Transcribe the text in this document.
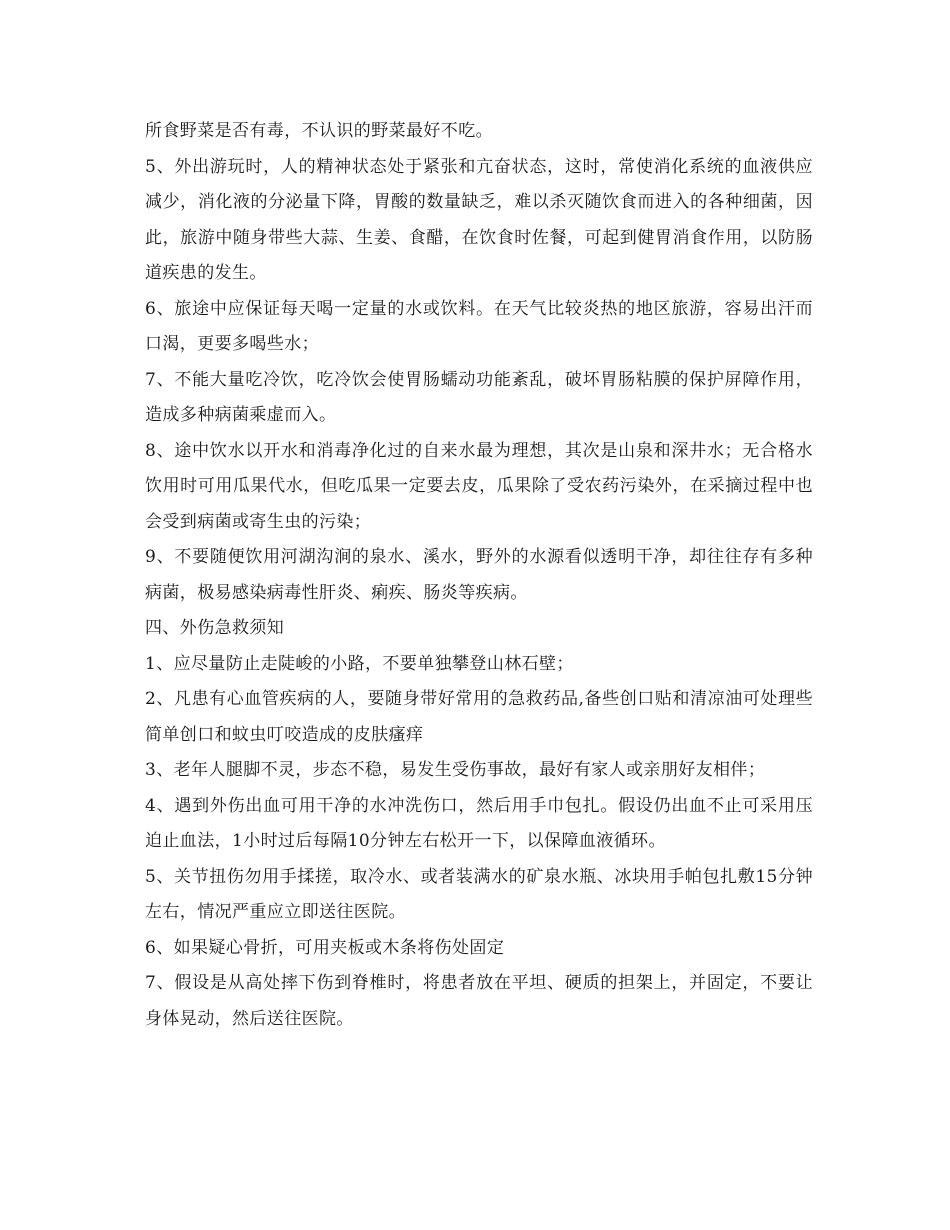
所食野菜是否有毒，不认识的野菜最好不吃。

5、外出游玩时，人的精神状态处于紧张和亢奋状态，这时，常使消化系统的血液供应减少，消化液的分泌量下降，胃酸的数量缺乏，难以杀灭随饮食而进入的各种细菌，因此，旅游中随身带些大蒜、生姜、食醋，在饮食时佐餐，可起到健胃消食作用，以防肠道疾患的发生。

6、旅途中应保证每天喝一定量的水或饮料。在天气比较炎热的地区旅游，容易出汗而口渴，更要多喝些水；

7、不能大量吃冷饮，吃冷饮会使胃肠蠕动功能紊乱，破坏胃肠粘膜的保护屏障作用，造成多种病菌乘虚而入。

8、途中饮水以开水和消毒净化过的自来水最为理想，其次是山泉和深井水；无合格水饮用时可用瓜果代水，但吃瓜果一定要去皮，瓜果除了受农药污染外，在采摘过程中也会受到病菌或寄生虫的污染；

9、不要随便饮用河湖沟涧的泉水、溪水，野外的水源看似透明干净，却往往存有多种病菌，极易感染病毒性肝炎、痢疾、肠炎等疾病。

四、外伤急救须知

1、应尽量防止走陡峻的小路，不要单独攀登山林石壁；

2、凡患有心血管疾病的人，要随身带好常用的急救药品,备些创口贴和清凉油可处理些简单创口和蚊虫叮咬造成的皮肤瘙痒

3、老年人腿脚不灵，步态不稳，易发生受伤事故，最好有家人或亲朋好友相伴；

4、遇到外伤出血可用干净的水冲洗伤口，然后用手巾包扎。假设仍出血不止可采用压迫止血法，1小时过后每隔10分钟左右松开一下，以保障血液循环。

5、关节扭伤勿用手揉搓，取冷水、或者装满水的矿泉水瓶、冰块用手帕包扎敷15分钟左右，情况严重应立即送往医院。

6、如果疑心骨折，可用夹板或木条将伤处固定

7、假设是从高处摔下伤到脊椎时，将患者放在平坦、硬质的担架上，并固定，不要让身体晃动，然后送往医院。
